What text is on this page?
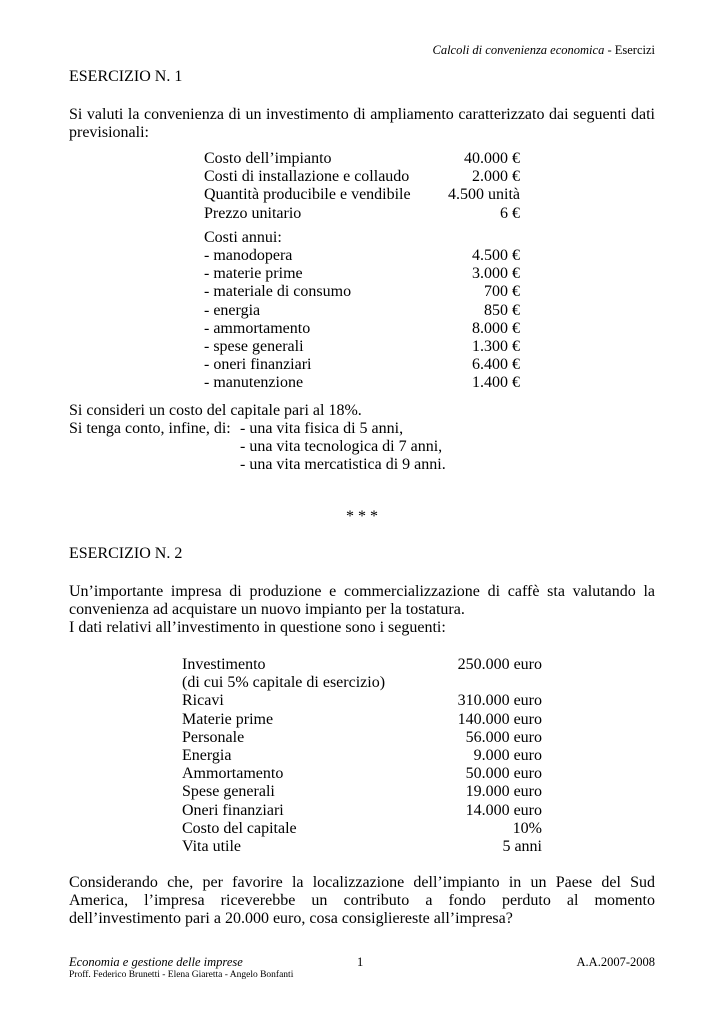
Calcoli di convenienza economica - Esercizi
ESERCIZIO N. 1
Si valuti la convenienza di un investimento di ampliamento caratterizzato dai seguenti dati previsionali:
Costo dell’impianto	40.000 €
Costi di installazione e collaudo	2.000 €
Quantità producibile e vendibile 4.500 unità
Prezzo unitario	6 €
Costi annui:
- manodopera	4.500 €
- materie prime	3.000 €
- materiale di consumo	700 €
- energia	850 €
- ammortamento	8.000 €
- spese generali	1.300 €
- oneri finanziari	6.400 €
- manutenzione	1.400 €
Si consideri un costo del capitale pari al 18%.
Si tenga conto, infine, di: - una vita fisica di 5 anni,
- una vita tecnologica di 7 anni,
- una vita mercatistica di 9 anni.
* * *
ESERCIZIO N. 2
Un’importante impresa di produzione e commercializzazione di caffè sta valutando la convenienza ad acquistare un nuovo impianto per la tostatura.
I dati relativi all’investimento in questione sono i seguenti:
Investimento	250.000 euro
(di cui 5% capitale di esercizio)
Ricavi	310.000 euro
Materie prime	140.000 euro
Personale	56.000 euro
Energia	9.000 euro
Ammortamento	50.000 euro
Spese generali	19.000 euro
Oneri finanziari	14.000 euro
Costo del capitale	10%
Vita utile	5 anni
Considerando che, per favorire la localizzazione dell’impianto in un Paese del Sud America, l’impresa riceverebbe un contributo a fondo perduto al momento dell’investimento pari a 20.000 euro, cosa consigliereste all’impresa?
Economia e gestione delle imprese	1	A.A.2007-2008
Proff. Federico Brunetti - Elena Giaretta - Angelo Bonfanti
